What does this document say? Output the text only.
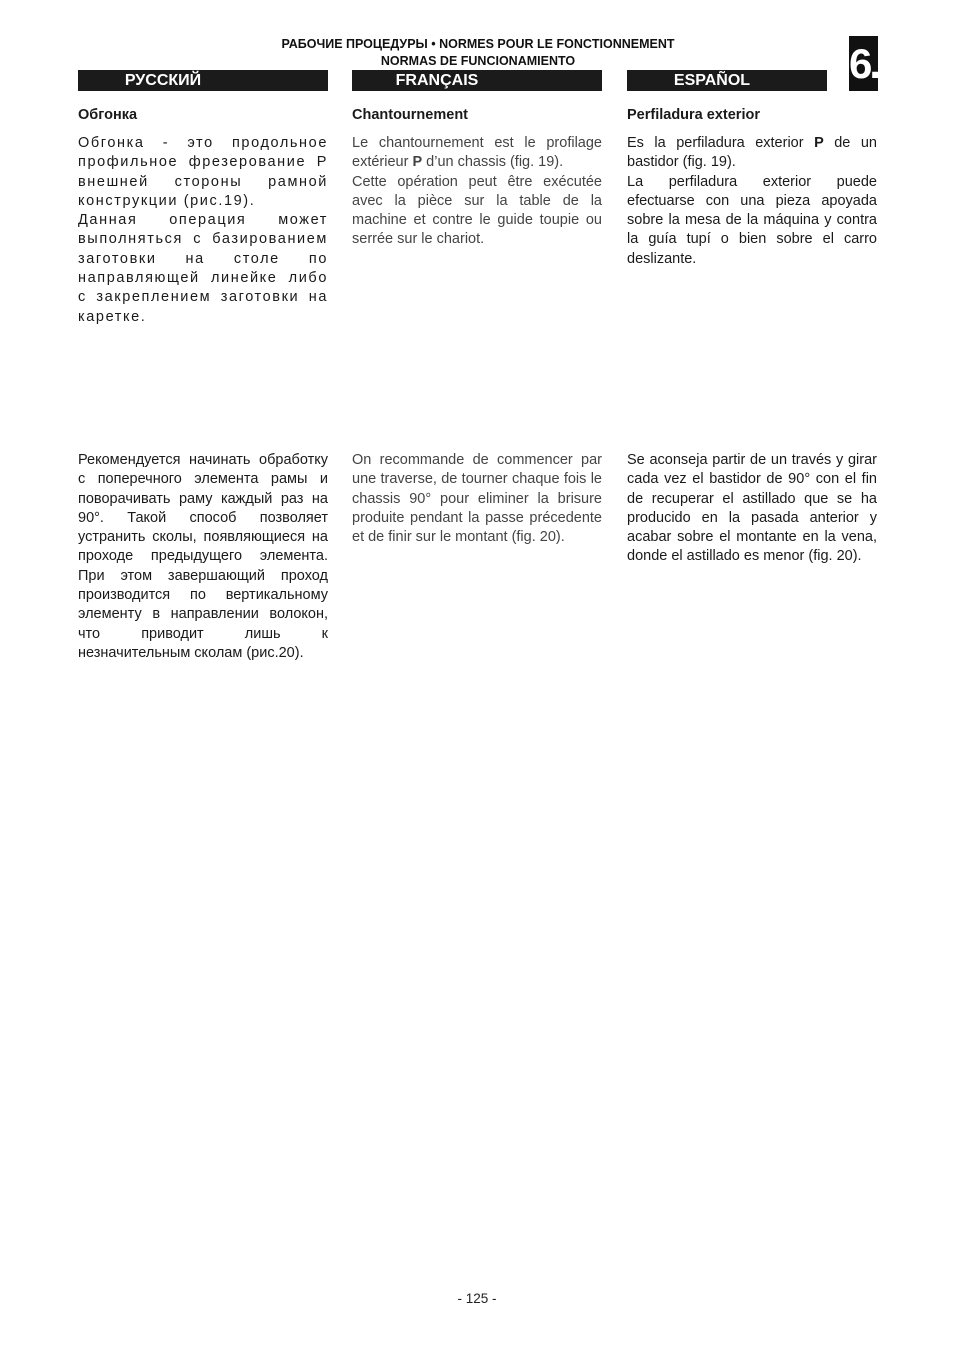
РАБОЧИЕ ПРОЦЕДУРЫ • NORMES POUR LE FONCTIONNEMENT
NORMAS DE FUNCIONAMIENTO	6.
РУССКИЙ
Обгонка
Обгонка - это продольное профильное фрезерование Р внешней стороны рамной конструкции (рис.19).
Данная операция может выполняться с базированием заготовки на столе по направляющей линейке либо с закреплением заготовки на каретке.
FRANÇAIS
Chantournement
Le chantournement est le profilage extérieur P d’un chassis (fig. 19).
Cette opération peut être exécutée avec la pièce sur la table de la machine et contre le guide toupie ou serrée sur le chariot.
ESPAÑOL
Perfiladura exterior
Es la perfiladura exterior P de un bastidor (fig. 19).
La perfiladura exterior puede efectuarse con una pieza apoyada sobre la mesa de la máquina y contra la guía tupí o bien sobre el carro deslizante.
Рекомендуется начинать обработку с поперечного элемента рамы и поворачивать раму каждый раз на 90°. Такой способ позволяет устранить сколы, появляющиеся на проходе предыдущего элемента. При этом завершающий проход производится по вертикальному элементу в направлении волокон, что приводит лишь к незначительным сколам (рис.20).
On recommande de commencer par une traverse, de tourner chaque fois le chassis 90° pour eliminer la brisure produite pendant la passe précedente et de finir sur le montant (fig. 20).
Se aconseja partir de un través y girar cada vez el bastidor de 90° con el fin de recuperar el astillado que se ha producido en la pasada anterior y acabar sobre el montante en la vena, donde el astillado es menor (fig. 20).
- 125 -
